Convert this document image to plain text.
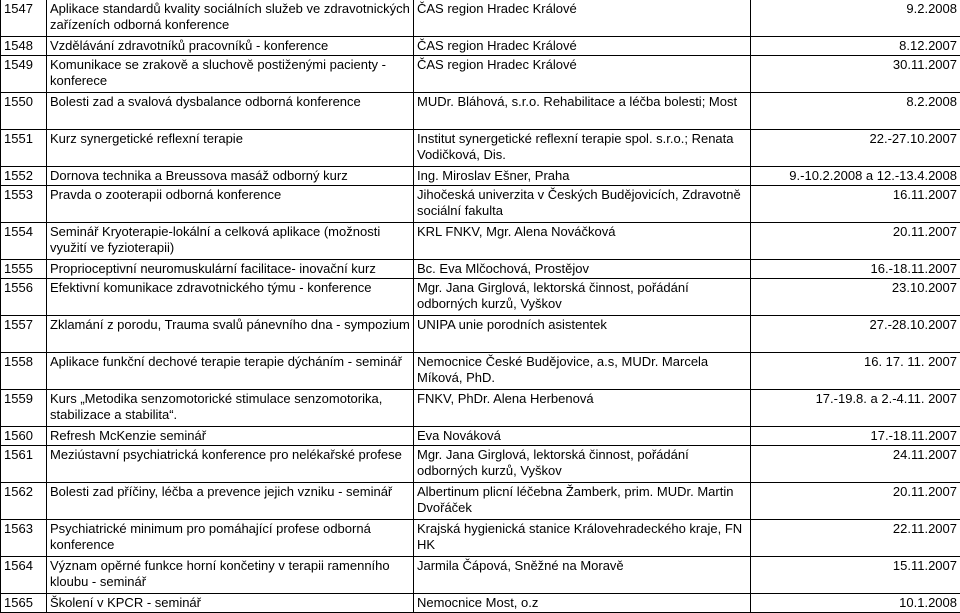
1547	Aplikace standardů kvality sociálních služeb ve zdravotnických zařízeních odborná konference	ČAS region Hradec Králové	9.2.2008
1548	Vzdělávání zdravotníků pracovníků - konference	ČAS region Hradec Králové	8.12.2007
1549	Komunikace se zrakově a sluchově postiženými pacienty - konferece	ČAS region Hradec Králové	30.11.2007
1550	Bolesti zad a svalová dysbalance odborná konference	MUDr. Bláhová, s.r.o. Rehabilitace a léčba bolesti; Most	8.2.2008
1551	Kurz synergetické reflexní terapie	Institut synergetické reflexní terapie spol. s.r.o.; Renata Vodičková, Dis.	22.-27.10.2007
1552	Dornova technika a Breussova masáž odborný kurz	Ing. Miroslav Ešner, Praha	9.-10.2.2008 a 12.-13.4.2008
1553	Pravda o zooterapii odborná konference	Jihočeská univerzita v Českých Budějovicích, Zdravotně sociální fakulta	16.11.2007
1554	Seminář Kryoterapie-lokální a celková aplikace (možnosti využití ve fyzioterapii)	KRL FNKV, Mgr. Alena Nováčková	20.11.2007
1555	Proprioceptivní neuromuskulární facilitace- inovační kurz	Bc. Eva Mlčochová, Prostějov	16.-18.11.2007
1556	Efektivní komunikace zdravotnického týmu - konference	Mgr. Jana Girglová, lektorská činnost, pořádání odborných kurzů, Vyškov	23.10.2007
1557	Zklamání z porodu, Trauma svalů pánevního dna - sympozium	UNIPA unie porodních asistentek	27.-28.10.2007
1558	Aplikace funkční dechové terapie terapie dýcháním - seminář	Nemocnice České Budějovice, a.s, MUDr. Marcela Míková, PhD.	16. 17. 11. 2007
1559	Kurs „Metodika senzomotorické stimulace senzomotorika, stabilizace a stabilita“.	FNKV, PhDr. Alena Herbenová	17.-19.8. a 2.-4.11. 2007
1560	Refresh McKenzie seminář	Eva Nováková	17.-18.11.2007
1561	Meziústavní psychiatrická konference pro nelékařské profese	Mgr. Jana Girglová, lektorská činnost, pořádání odborných kurzů, Vyškov	24.11.2007
1562	Bolesti zad příčiny, léčba a prevence jejich vzniku - seminář	Albertinum plicní léčebna Žamberk, prim. MUDr. Martin Dvořáček	20.11.2007
1563	Psychiatrické minimum pro pomáhající profese odborná konference	Krajská hygienická stanice Královehradeckého kraje, FN HK	22.11.2007
1564	Význam opěrné funkce horní končetiny v terapii ramenního kloubu - seminář	Jarmila Čápová, Sněžné na Moravě	15.11.2007
1565	Školení v KPCR - seminář	Nemocnice Most, o.z	10.1.2008
